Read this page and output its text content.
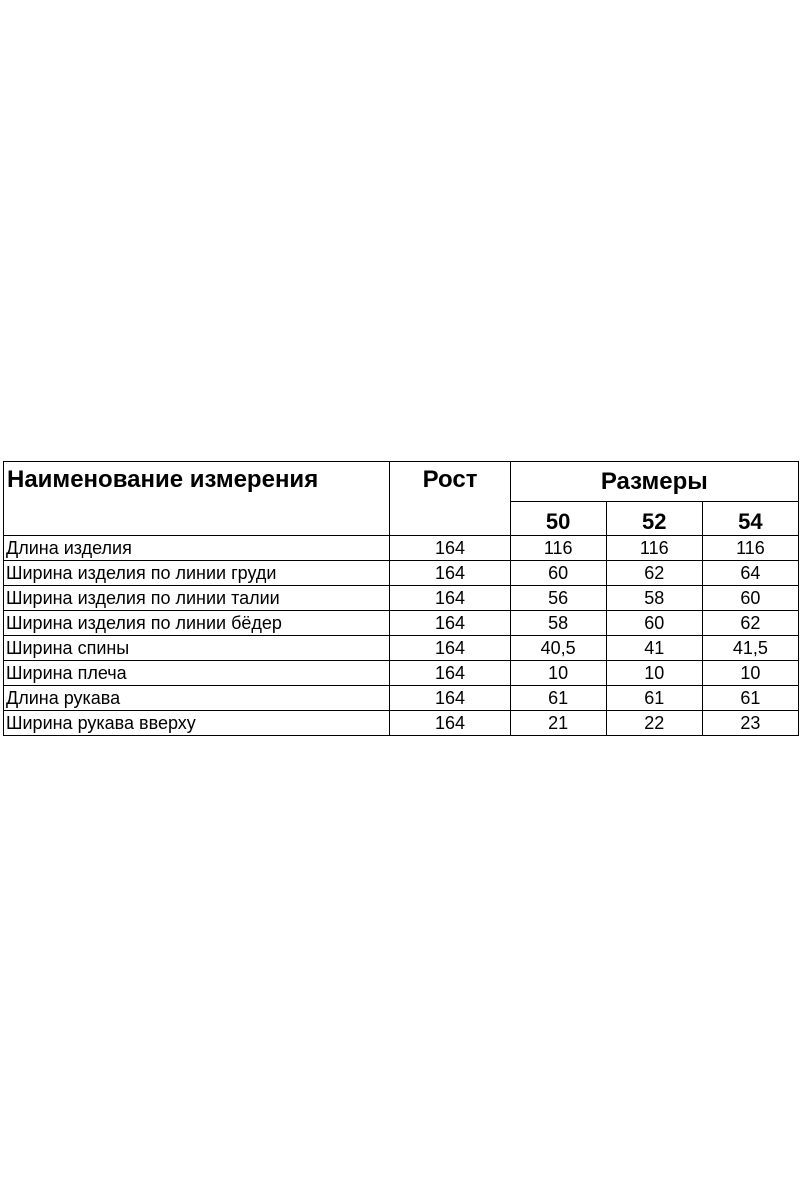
Наименование измерения	Рост	Размеры		
		50	52	54
Длина изделия	164	116	116	116
Ширина изделия по линии груди	164	60	62	64
Ширина изделия по линии талии	164	56	58	60
Ширина изделия по линии бёдер	164	58	60	62
Ширина спины	164	40,5	41	41,5
Ширина плеча	164	10	10	10
Длина рукава	164	61	61	61
Ширина рукава вверху	164	21	22	23
